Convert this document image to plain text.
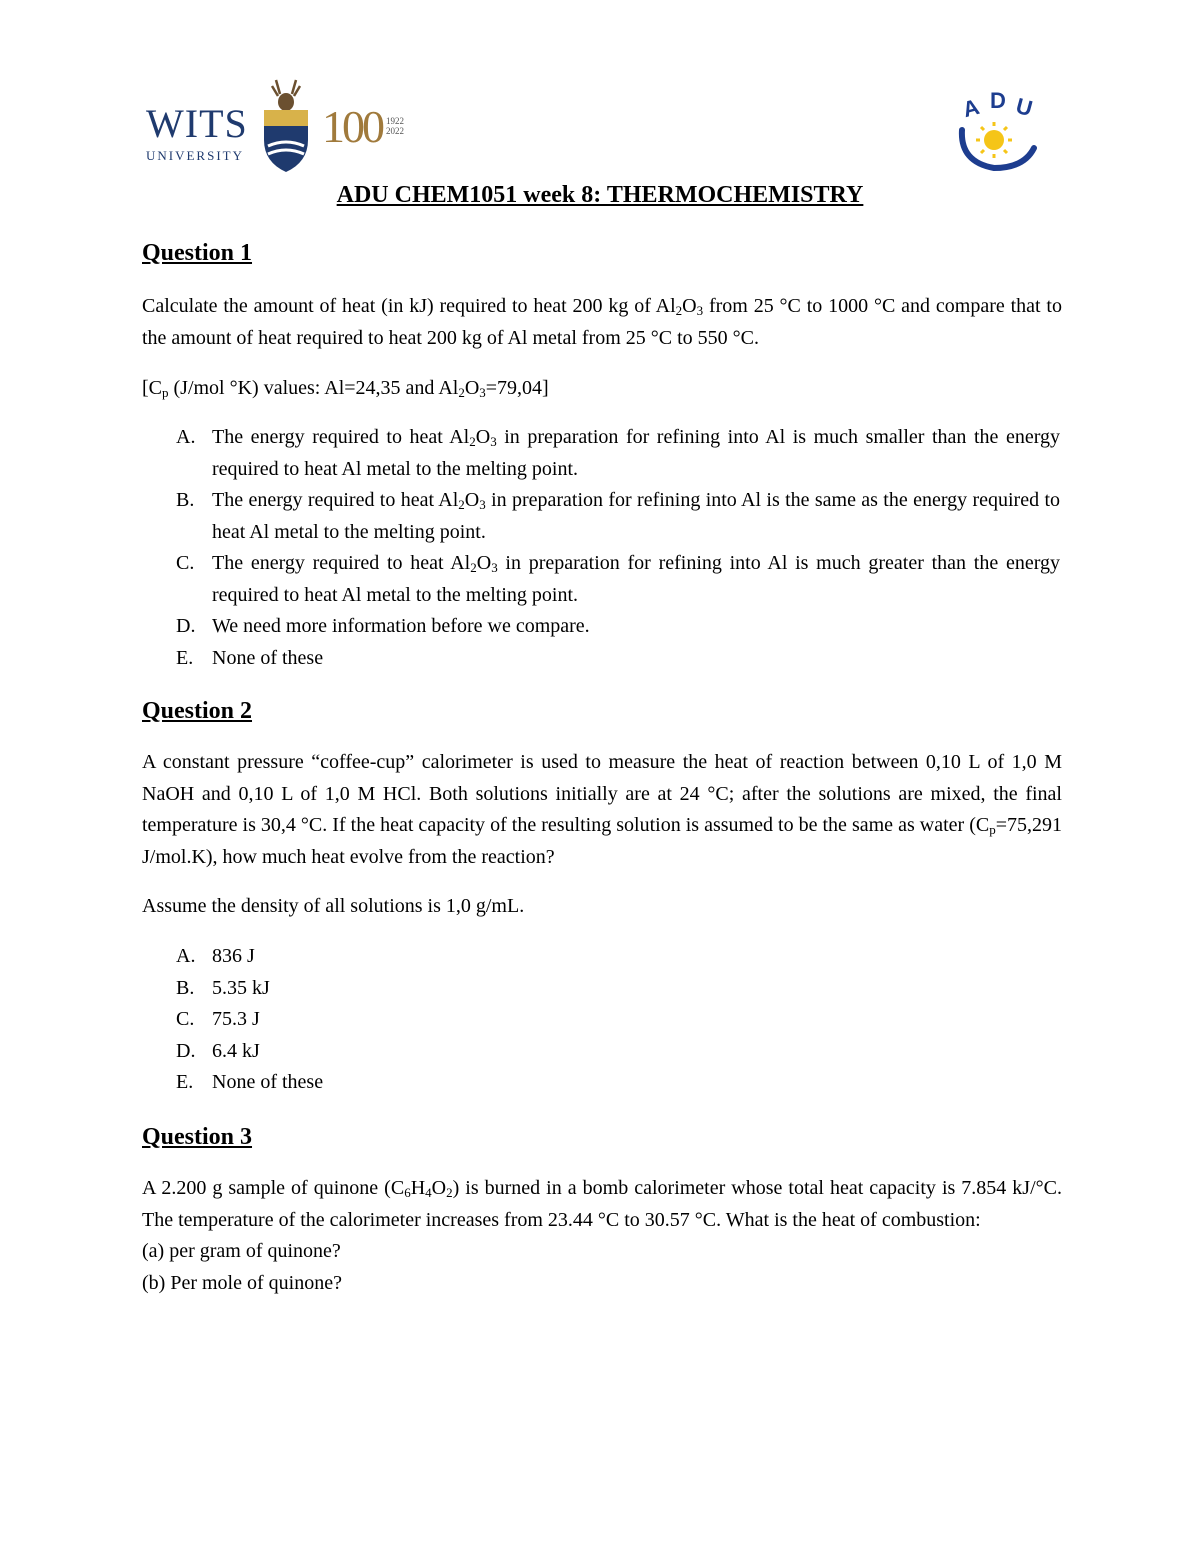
WITS
UNIVERSITY
100 1922
2022
A D U
ADU CHEM1051 week 8: THERMOCHEMISTRY
Question 1
Calculate the amount of heat (in kJ) required to heat 200 kg of $Al_2O_3$ from 25 °C to 1000 °C and compare that to the amount of heat required to heat 200 kg of Al metal from 25 °C to 550 °C.
[$C_p$ (J/mol °K) values: Al=24,35 and $Al_2O_3=79,04$]
A. The energy required to heat $Al_2O_3$ in preparation for refining into Al is much smaller than the energy required to heat Al metal to the melting point.
B. The energy required to heat $Al_2O_3$ in preparation for refining into Al is the same as the energy required to heat Al metal to the melting point.
C. The energy required to heat $Al_2O_3$ in preparation for refining into Al is much greater than the energy required to heat Al metal to the melting point.
D. We need more information before we compare.
E. None of these
Question 2
A constant pressure “coffee-cup” calorimeter is used to measure the heat of reaction between 0,10 L of 1,0 M NaOH and 0,10 L of 1,0 M HCl. Both solutions initially are at 24 °C; after the solutions are mixed, the final temperature is 30,4 °C. If the heat capacity of the resulting solution is assumed to be the same as water ($C_p=75,291$ J/mol.K), how much heat evolve from the reaction?
Assume the density of all solutions is 1,0 g/mL.
A. 836 J
B. 5.35 kJ
C. 75.3 J
D. 6.4 kJ
E. None of these
Question 3
A 2.200 g sample of quinone $(C_6H_4O_2)$ is burned in a bomb calorimeter whose total heat capacity is 7.854 kJ/°C. The temperature of the calorimeter increases from 23.44 °C to 30.57 °C. What is the heat of combustion:
(a) per gram of quinone?
(b) Per mole of quinone?
